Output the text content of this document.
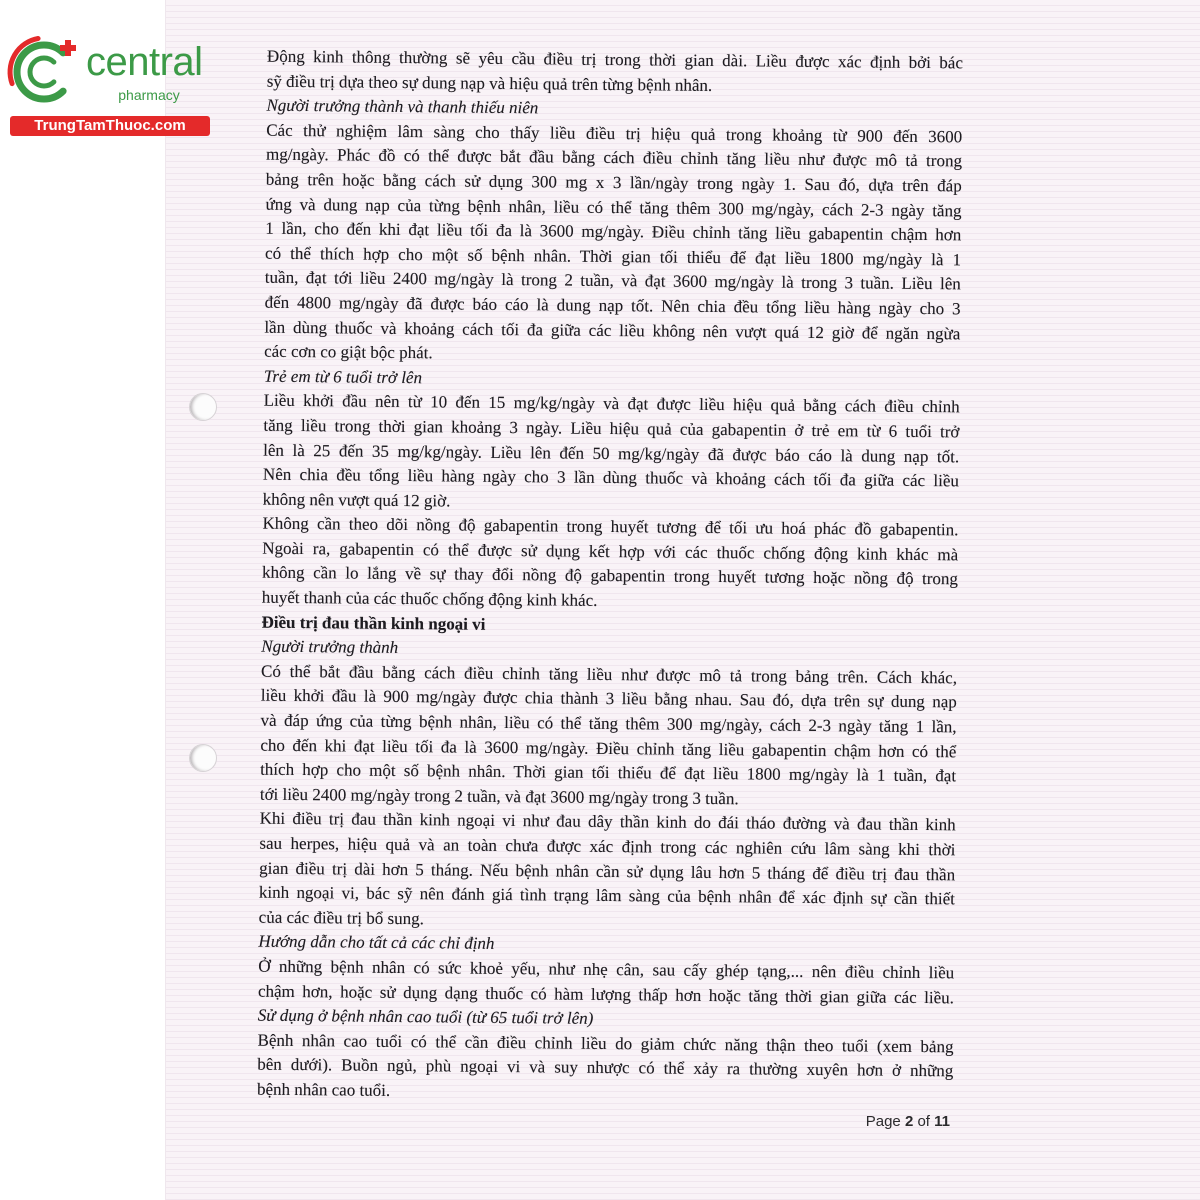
central
pharmacy
TrungTamThuoc.com
Động kinh thông thường sẽ yêu cầu điều trị trong thời gian dài. Liều được xác định bởi bác
sỹ điều trị dựa theo sự dung nạp và hiệu quả trên từng bệnh nhân.
Người trưởng thành và thanh thiếu niên
Các thử nghiệm lâm sàng cho thấy liều điều trị hiệu quả trong khoảng từ 900 đến 3600
mg/ngày. Phác đồ có thể được bắt đầu bằng cách điều chỉnh tăng liều như được mô tả trong
bảng trên hoặc bằng cách sử dụng 300 mg x 3 lần/ngày trong ngày 1. Sau đó, dựa trên đáp
ứng và dung nạp của từng bệnh nhân, liều có thể tăng thêm 300 mg/ngày, cách 2-3 ngày tăng
1 lần, cho đến khi đạt liều tối đa là 3600 mg/ngày. Điều chỉnh tăng liều gabapentin chậm hơn
có thể thích hợp cho một số bệnh nhân. Thời gian tối thiểu để đạt liều 1800 mg/ngày là 1
tuần, đạt tới liều 2400 mg/ngày là trong 2 tuần, và đạt 3600 mg/ngày là trong 3 tuần. Liều lên
đến 4800 mg/ngày đã được báo cáo là dung nạp tốt. Nên chia đều tổng liều hàng ngày cho 3
lần dùng thuốc và khoảng cách tối đa giữa các liều không nên vượt quá 12 giờ để ngăn ngừa
các cơn co giật bộc phát.
Trẻ em từ 6 tuổi trở lên
Liều khởi đầu nên từ 10 đến 15 mg/kg/ngày và đạt được liều hiệu quả bằng cách điều chỉnh
tăng liều trong thời gian khoảng 3 ngày. Liều hiệu quả của gabapentin ở trẻ em từ 6 tuổi trở
lên là 25 đến 35 mg/kg/ngày. Liều lên đến 50 mg/kg/ngày đã được báo cáo là dung nạp tốt.
Nên chia đều tổng liều hàng ngày cho 3 lần dùng thuốc và khoảng cách tối đa giữa các liều
không nên vượt quá 12 giờ.
Không cần theo dõi nồng độ gabapentin trong huyết tương để tối ưu hoá phác đồ gabapentin.
Ngoài ra, gabapentin có thể được sử dụng kết hợp với các thuốc chống động kinh khác mà
không cần lo lắng về sự thay đổi nồng độ gabapentin trong huyết tương hoặc nồng độ trong
huyết thanh của các thuốc chống động kinh khác.
Điều trị đau thần kinh ngoại vi
Người trưởng thành
Có thể bắt đầu bằng cách điều chỉnh tăng liều như được mô tả trong bảng trên. Cách khác,
liều khởi đầu là 900 mg/ngày được chia thành 3 liều bằng nhau. Sau đó, dựa trên sự dung nạp
và đáp ứng của từng bệnh nhân, liều có thể tăng thêm 300 mg/ngày, cách 2-3 ngày tăng 1 lần,
cho đến khi đạt liều tối đa là 3600 mg/ngày. Điều chỉnh tăng liều gabapentin chậm hơn có thể
thích hợp cho một số bệnh nhân. Thời gian tối thiểu để đạt liều 1800 mg/ngày là 1 tuần, đạt
tới liều 2400 mg/ngày trong 2 tuần, và đạt 3600 mg/ngày trong 3 tuần.
Khi điều trị đau thần kinh ngoại vi như đau dây thần kinh do đái tháo đường và đau thần kinh
sau herpes, hiệu quả và an toàn chưa được xác định trong các nghiên cứu lâm sàng khi thời
gian điều trị dài hơn 5 tháng. Nếu bệnh nhân cần sử dụng lâu hơn 5 tháng để điều trị đau thần
kinh ngoại vi, bác sỹ nên đánh giá tình trạng lâm sàng của bệnh nhân để xác định sự cần thiết
của các điều trị bổ sung.
Hướng dẫn cho tất cả các chỉ định
Ở những bệnh nhân có sức khoẻ yếu, như nhẹ cân, sau cấy ghép tạng,... nên điều chỉnh liều
chậm hơn, hoặc sử dụng dạng thuốc có hàm lượng thấp hơn hoặc tăng thời gian giữa các liều.
Sử dụng ở bệnh nhân cao tuổi (từ 65 tuổi trở lên)
Bệnh nhân cao tuổi có thể cần điều chỉnh liều do giảm chức năng thận theo tuổi (xem bảng
bên dưới). Buồn ngủ, phù ngoại vi và suy nhược có thể xảy ra thường xuyên hơn ở những
bệnh nhân cao tuổi.
Page 2 of 11
